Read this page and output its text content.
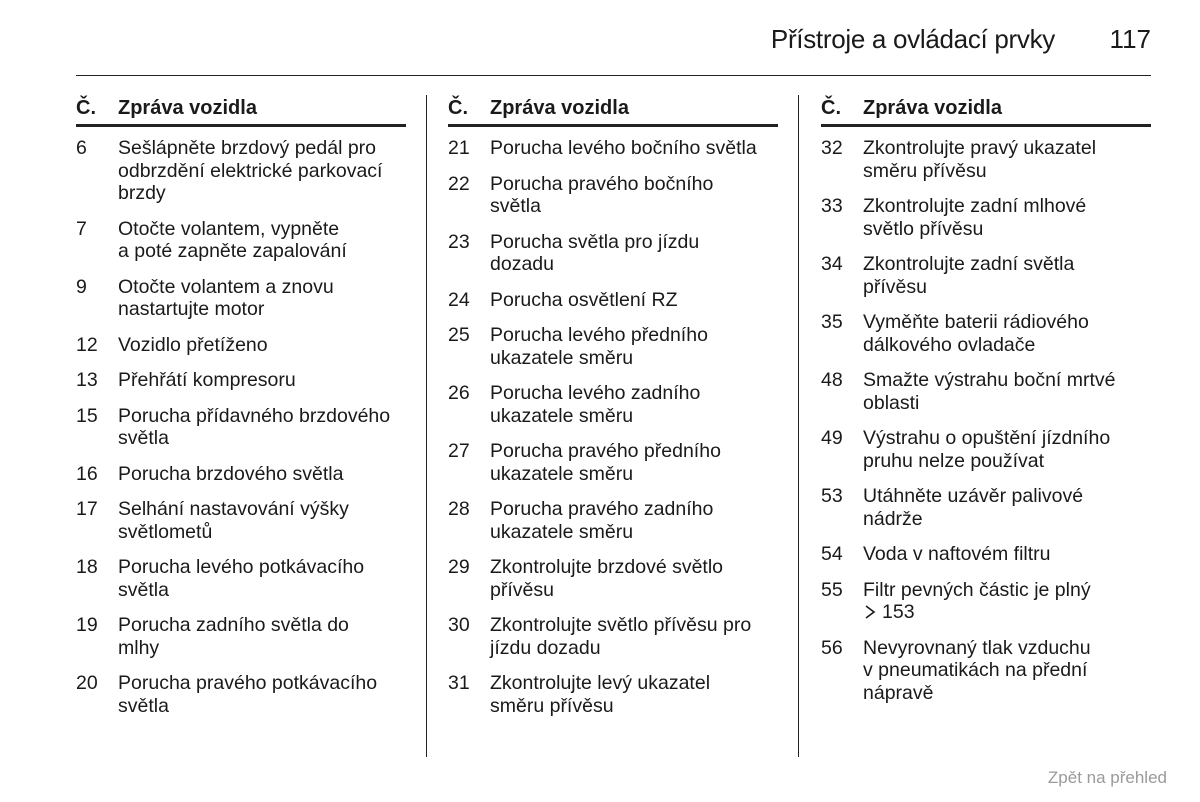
Přístroje a ovládací prvky 117
Č.	Zpráva vozidla
6	Sešlápněte brzdový pedál pro
odbrzdění elektrické parkovací
brzdy
7	Otočte volantem, vypněte
a poté zapněte zapalování
9	Otočte volantem a znovu
nastartujte motor
12	Vozidlo přetíženo
13	Přehřátí kompresoru
15	Porucha přídavného brzdového
světla
16	Porucha brzdového světla
17	Selhání nastavování výšky
světlometů
18	Porucha levého potkávacího
světla
19	Porucha zadního světla do
mlhy
20	Porucha pravého potkávacího
světla
Č.	Zpráva vozidla
21	Porucha levého bočního světla
22	Porucha pravého bočního
světla
23	Porucha světla pro jízdu
dozadu
24	Porucha osvětlení RZ
25	Porucha levého předního
ukazatele směru
26	Porucha levého zadního
ukazatele směru
27	Porucha pravého předního
ukazatele směru
28	Porucha pravého zadního
ukazatele směru
29	Zkontrolujte brzdové světlo
přívěsu
30	Zkontrolujte světlo přívěsu pro
jízdu dozadu
31	Zkontrolujte levý ukazatel
směru přívěsu
Č.	Zpráva vozidla
32	Zkontrolujte pravý ukazatel
směru přívěsu
33	Zkontrolujte zadní mlhové
světlo přívěsu
34	Zkontrolujte zadní světla
přívěsu
35	Vyměňte baterii rádiového
dálkového ovladače
48	Smažte výstrahu boční mrtvé
oblasti
49	Výstrahu o opuštění jízdního
pruhu nelze používat
53	Utáhněte uzávěr palivové
nádrže
54	Voda v naftovém filtru
55	Filtr pevných částic je plný
153
56	Nevyrovnaný tlak vzduchu
v pneumatikách na přední
nápravě
Zpět na přehled
